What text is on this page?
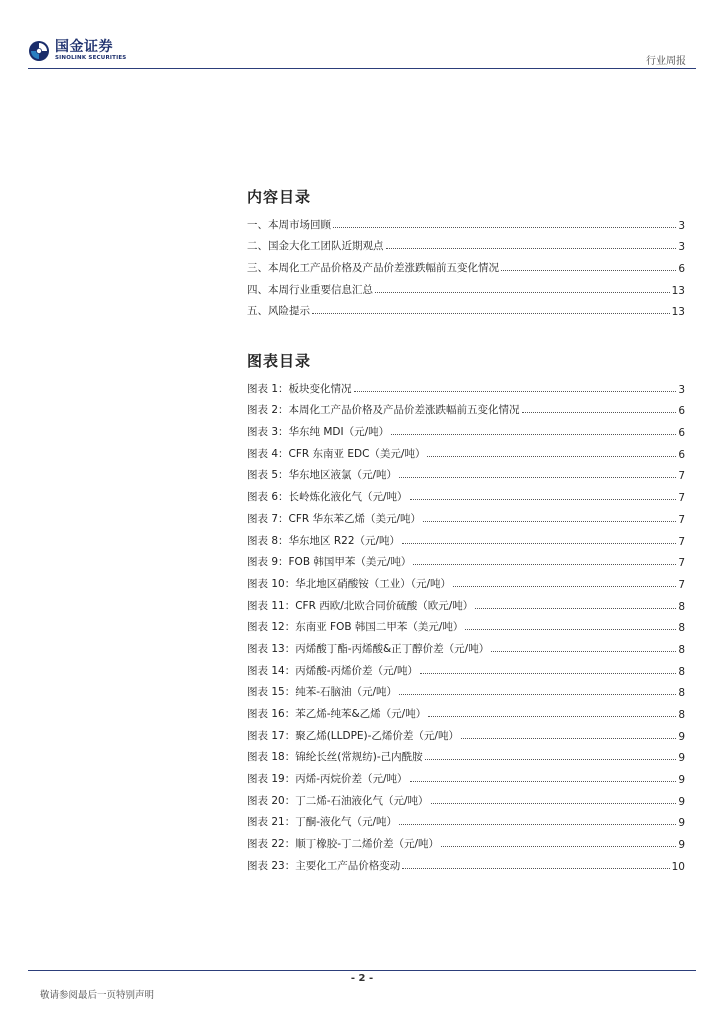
国金证券
SINOLINK SECURITIES	行业周报
内容目录
一、本周市场回顾	3
二、国金大化工团队近期观点	3
三、本周化工产品价格及产品价差涨跌幅前五变化情况	6
四、本周行业重要信息汇总	13
五、风险提示	13
图表目录
图表 1：板块变化情况	3
图表 2：本周化工产品价格及产品价差涨跌幅前五变化情况	6
图表 3：华东纯 MDI（元/吨）	6
图表 4：CFR 东南亚 EDC（美元/吨）	6
图表 5：华东地区液氯（元/吨）	7
图表 6：长岭炼化液化气（元/吨）	7
图表 7：CFR 华东苯乙烯（美元/吨）	7
图表 8：华东地区 R22（元/吨）	7
图表 9：FOB 韩国甲苯（美元/吨）	7
图表 10：华北地区硝酸铵（工业）（元/吨）	7
图表 11：CFR 西欧/北欧合同价硫酸（欧元/吨）	8
图表 12：东南亚 FOB 韩国二甲苯（美元/吨）	8
图表 13：丙烯酸丁酯-丙烯酸&正丁醇价差（元/吨）	8
图表 14：丙烯酸-丙烯价差（元/吨）	8
图表 15：纯苯-石脑油（元/吨）	8
图表 16：苯乙烯-纯苯&乙烯（元/吨）	8
图表 17：聚乙烯(LLDPE)-乙烯价差（元/吨）	9
图表 18：锦纶长丝(常规纺)-己内酰胺	9
图表 19：丙烯-丙烷价差（元/吨）	9
图表 20：丁二烯-石油液化气（元/吨）	9
图表 21：丁酮-液化气（元/吨）	9
图表 22：顺丁橡胶-丁二烯价差（元/吨）	9
图表 23：主要化工产品价格变动	10
- 2 -
敬请参阅最后一页特别声明
